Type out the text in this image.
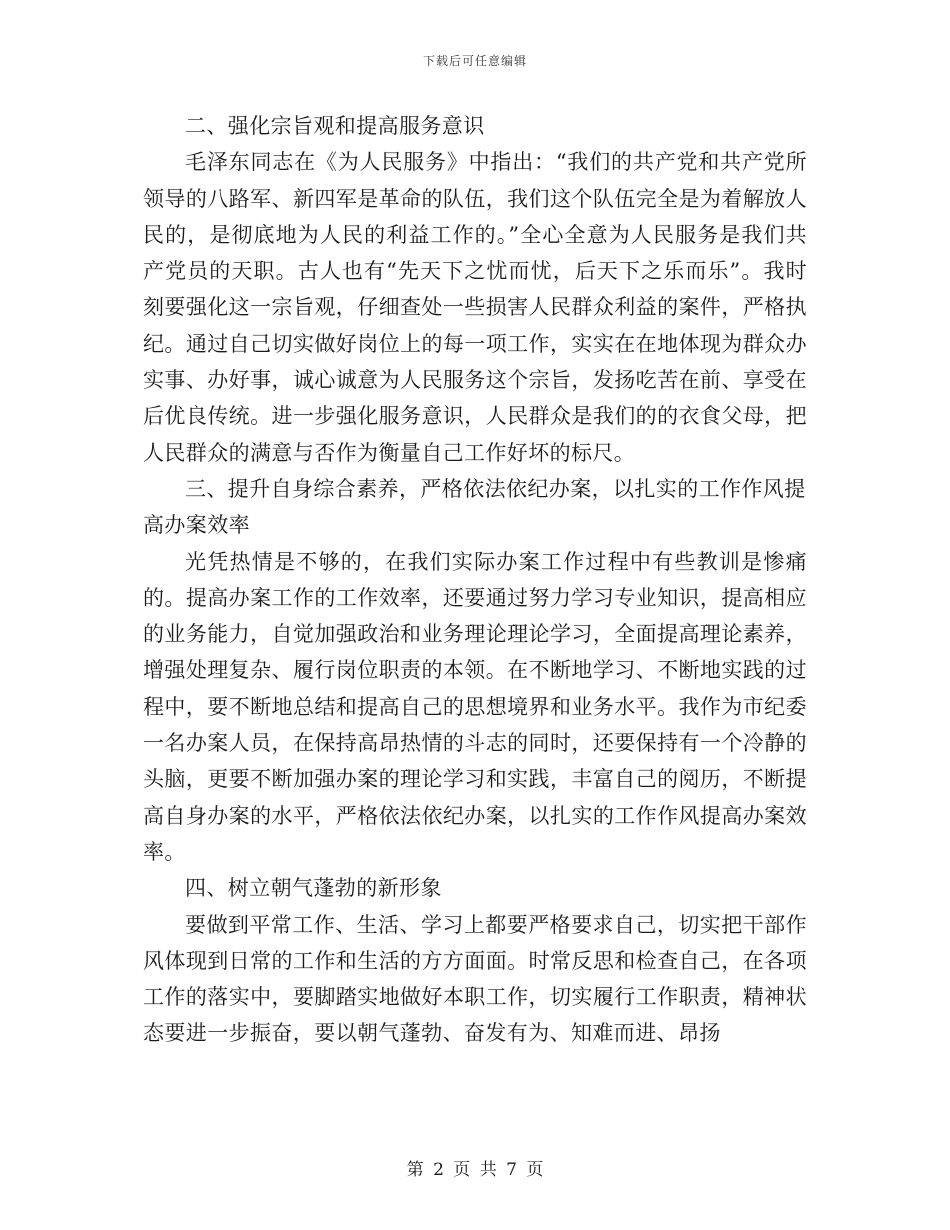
下载后可任意编辑

二、强化宗旨观和提高服务意识

毛泽东同志在《为人民服务》中指出：“我们的共产党和共产党所领导的八路军、新四军是革命的队伍，我们这个队伍完全是为着解放人民的，是彻底地为人民的利益工作的。”全心全意为人民服务是我们共产党员的天职。古人也有“先天下之忧而忧，后天下之乐而乐”。我时刻要强化这一宗旨观，仔细查处一些损害人民群众利益的案件，严格执纪。通过自己切实做好岗位上的每一项工作，实实在在地体现为群众办实事、办好事，诚心诚意为人民服务这个宗旨，发扬吃苦在前、享受在后优良传统。进一步强化服务意识，人民群众是我们的的衣食父母，把人民群众的满意与否作为衡量自己工作好坏的标尺。

三、提升自身综合素养，严格依法依纪办案，以扎实的工作作风提高办案效率

光凭热情是不够的，在我们实际办案工作过程中有些教训是惨痛的。提高办案工作的工作效率，还要通过努力学习专业知识，提高相应的业务能力，自觉加强政治和业务理论理论学习，全面提高理论素养，增强处理复杂、履行岗位职责的本领。在不断地学习、不断地实践的过程中，要不断地总结和提高自己的思想境界和业务水平。我作为市纪委一名办案人员，在保持高昂热情的斗志的同时，还要保持有一个冷静的头脑，更要不断加强办案的理论学习和实践，丰富自己的阅历，不断提高自身办案的水平，严格依法依纪办案，以扎实的工作作风提高办案效率。

四、树立朝气蓬勃的新形象

要做到平常工作、生活、学习上都要严格要求自己，切实把干部作风体现到日常的工作和生活的方方面面。时常反思和检查自己，在各项工作的落实中，要脚踏实地做好本职工作，切实履行工作职责，精神状态要进一步振奋，要以朝气蓬勃、奋发有为、知难而进、昂扬

第 2 页 共 7 页
